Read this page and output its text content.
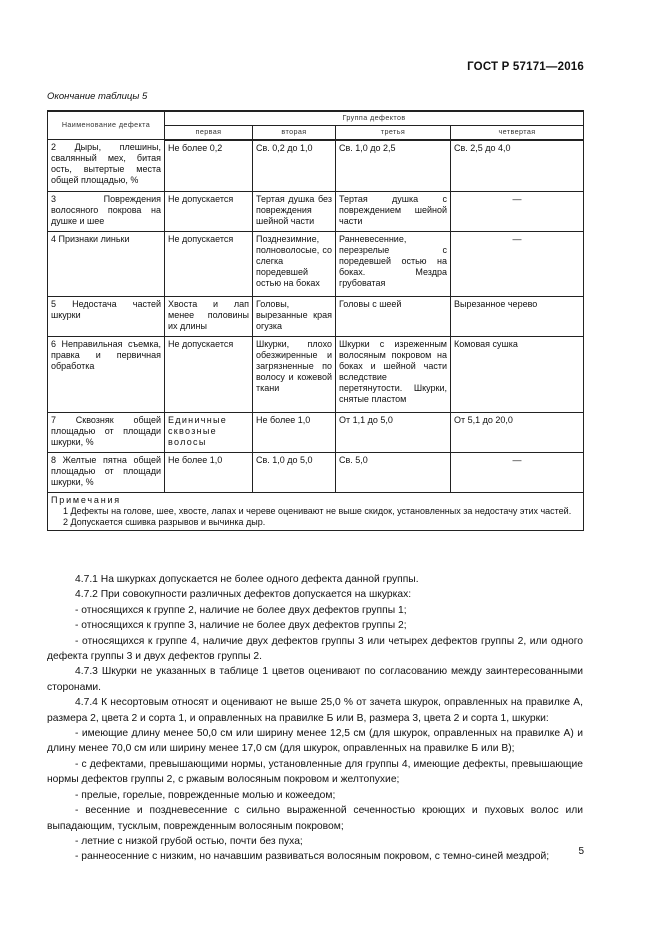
ГОСТ Р 57171—2016
Окончание таблицы 5
Наименование дефекта	Группа дефектов			
	первая	вторая	третья	четвертая
2 Дыры, плешины, свалянный мех, битая ость, вытертые места общей площадью, %	Не более 0,2	Св. 0,2 до 1,0	Св. 1,0 до 2,5	Св. 2,5 до 4,0
3 Повреждения волосяного покрова на душке и шее	Не допускается	Тертая душка без повреждения шейной части	Тертая душка с повреждением шейной части	—
4 Признаки линьки	Не допускается	Позднезимние, полноволосые, со слегка поредевшей остью на боках	Ранневесенние, перезрелые с поредевшей остью на боках. Мездра грубоватая	—
5 Недостача частей шкурки	Хвоста и лап менее половины их длины	Головы, вырезанные края огузка	Головы с шеей	Вырезанное черево
6 Неправильная съемка, правка и первичная обработка	Не допускается	Шкурки, плохо обезжиренные и загрязненные по волосу и кожевой ткани	Шкурки с изреженным волосяным покровом на боках и шейной части вследствие перетянутости. Шкурки, снятые пластом	Комовая сушка
7 Сквозняк общей площадью от площади шкурки, %	Единичные сквозные волосы	Не более 1,0	От 1,1 до 5,0	От 5,1 до 20,0
8 Желтые пятна общей площадью от площади шкурки, %	Не более 1,0	Св. 1,0 до 5,0	Св. 5,0	—

Примечания
1 Дефекты на голове, шее, хвосте, лапах и череве оценивают не выше скидок, установленных за недостачу этих частей.
2 Допускается сшивка разрывов и вычинка дыр.				

4.7.1 На шкурках допускается не более одного дефекта данной группы.

4.7.2 При совокупности различных дефектов допускается на шкурках:

- относящихся к группе 2, наличие не более двух дефектов группы 1;

- относящихся к группе 3, наличие не более двух дефектов группы 2;

- относящихся к группе 4, наличие двух дефектов группы 3 или четырех дефектов группы 2, или одного дефекта группы 3 и двух дефектов группы 2.

4.7.3 Шкурки не указанных в таблице 1 цветов оценивают по согласованию между заинтересованными сторонами.

4.7.4 К несортовым относят и оценивают не выше 25,0 % от зачета шкурок, оправленных на правилке А, размера 2, цвета 2 и сорта 1, и оправленных на правилке Б или В, размера 3, цвета 2 и сорта 1, шкурки:

- имеющие длину менее 50,0 см или ширину менее 12,5 см (для шкурок, оправленных на правилке А) и длину менее 70,0 см или ширину менее 17,0 см (для шкурок, оправленных на правилке Б или В);

- с дефектами, превышающими нормы, установленные для группы 4, имеющие дефекты, превышающие нормы дефектов группы 2, с ржавым волосяным покровом и желтопухие;

- прелые, горелые, поврежденные молью и кожеедом;

- весенние и поздневесенние с сильно выраженной сеченностью кроющих и пуховых волос или выпадающим, тусклым, поврежденным волосяным покровом;

- летние с низкой грубой остью, почти без пуха;

- раннеосенние с низким, но начавшим развиваться волосяным покровом, с темно-синей мездрой;	5
